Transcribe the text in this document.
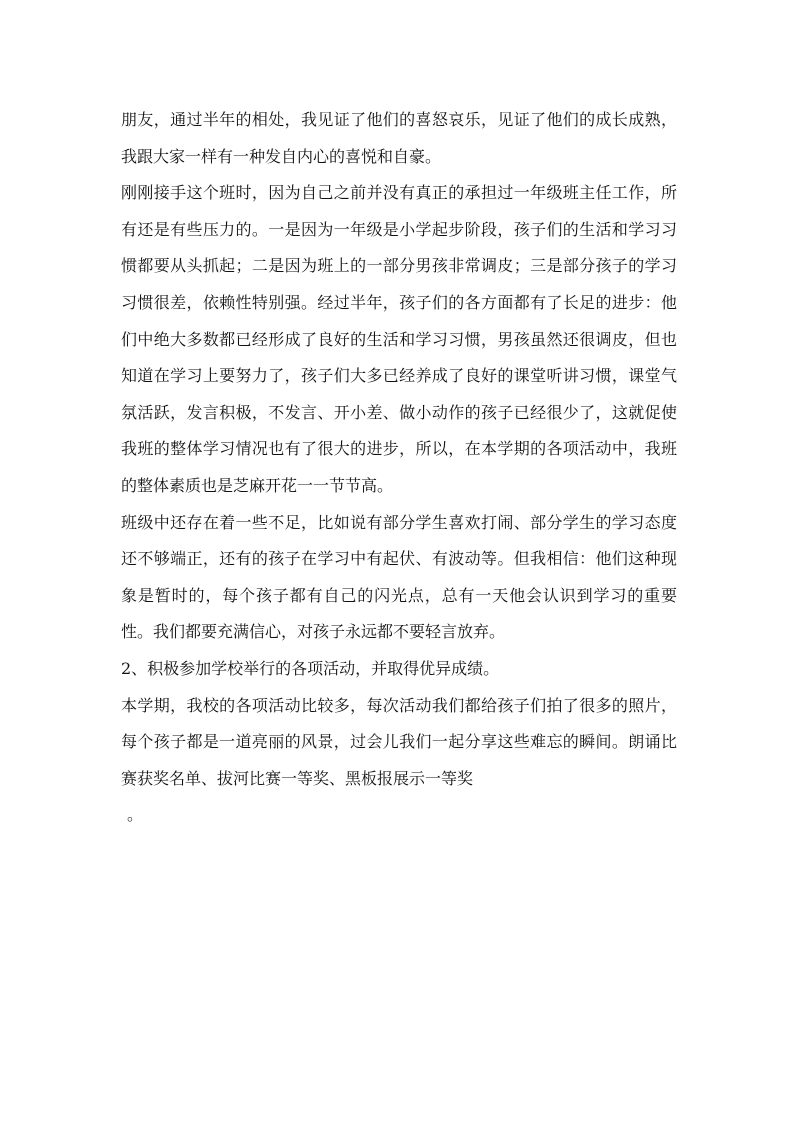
朋友，通过半年的相处，我见证了他们的喜怒哀乐，见证了他们的成长成熟，我跟大家一样有一种发自内心的喜悦和自豪。

刚刚接手这个班时，因为自己之前并没有真正的承担过一年级班主任工作，所有还是有些压力的。一是因为一年级是小学起步阶段，孩子们的生活和学习习惯都要从头抓起；二是因为班上的一部分男孩非常调皮；三是部分孩子的学习习惯很差，依赖性特别强。经过半年，孩子们的各方面都有了长足的进步：他们中绝大多数都已经形成了良好的生活和学习习惯，男孩虽然还很调皮，但也知道在学习上要努力了，孩子们大多已经养成了良好的课堂听讲习惯，课堂气氛活跃，发言积极，不发言、开小差、做小动作的孩子已经很少了，这就促使我班的整体学习情况也有了很大的进步，所以，在本学期的各项活动中，我班的整体素质也是芝麻开花一一节节高。

班级中还存在着一些不足，比如说有部分学生喜欢打闹、部分学生的学习态度还不够端正，还有的孩子在学习中有起伏、有波动等。但我相信：他们这种现象是暂时的，每个孩子都有自己的闪光点，总有一天他会认识到学习的重要性。我们都要充满信心，对孩子永远都不要轻言放弃。

2、积极参加学校举行的各项活动，并取得优异成绩。

本学期，我校的各项活动比较多，每次活动我们都给孩子们拍了很多的照片，每个孩子都是一道亮丽的风景，过会儿我们一起分享这些难忘的瞬间。朗诵比赛获奖名单、拔河比赛一等奖、黑板报展示一等奖

。
